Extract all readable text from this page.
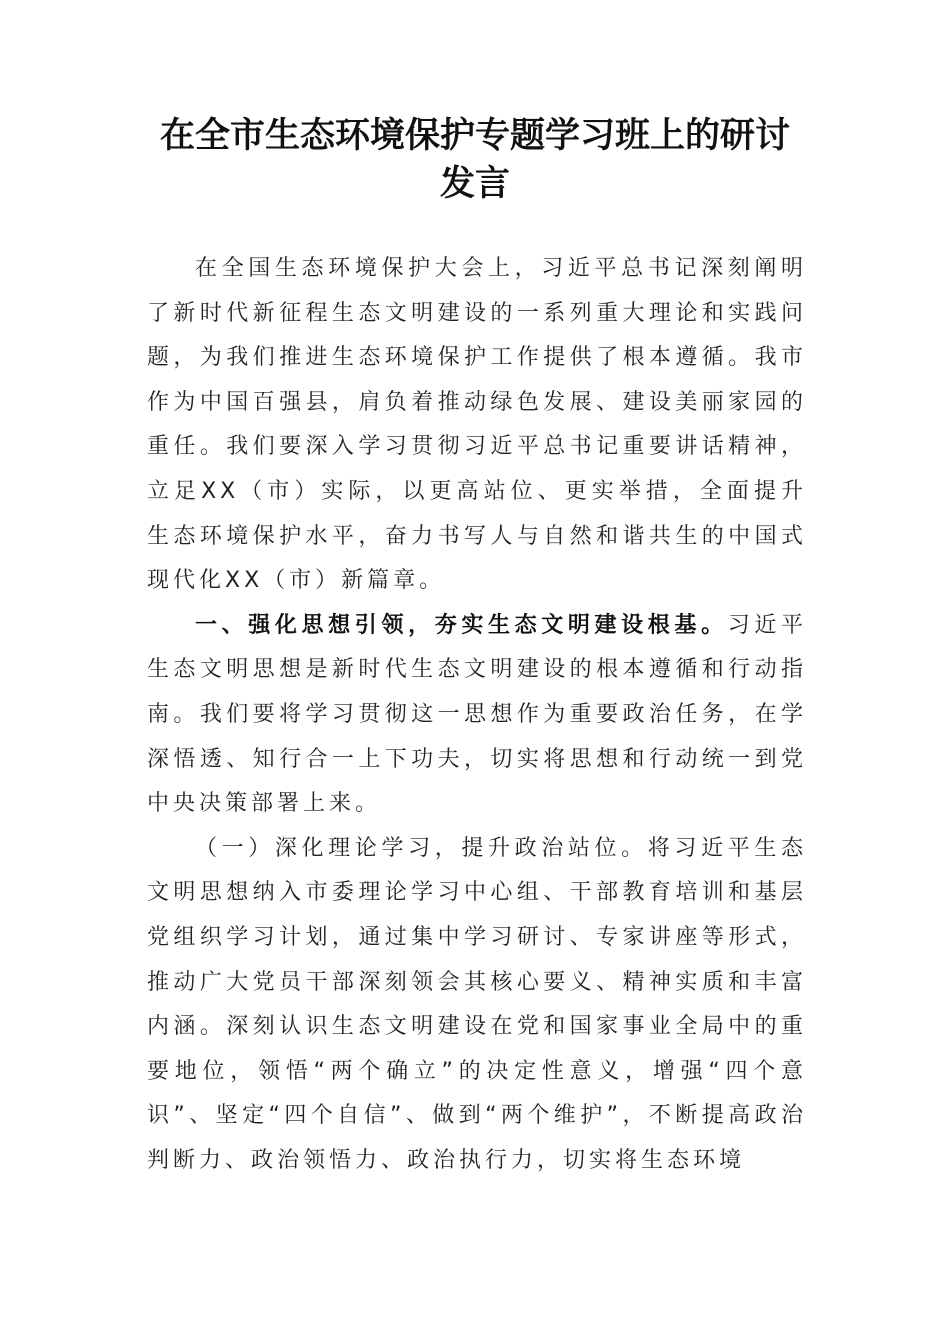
在全市生态环境保护专题学习班上的研讨
发言

在全国生态环境保护大会上，习近平总书记深刻阐明了新时代新征程生态文明建设的一系列重大理论和实践问题，为我们推进生态环境保护工作提供了根本遵循。我市作为中国百强县，肩负着推动绿色发展、建设美丽家园的重任。我们要深入学习贯彻习近平总书记重要讲话精神，立足XX（市）实际，以更高站位、更实举措，全面提升生态环境保护水平，奋力书写人与自然和谐共生的中国式现代化XX（市）新篇章。

一、强化思想引领，夯实生态文明建设根基。习近平生态文明思想是新时代生态文明建设的根本遵循和行动指南。我们要将学习贯彻这一思想作为重要政治任务，在学深悟透、知行合一上下功夫，切实将思想和行动统一到党中央决策部署上来。

（一）深化理论学习，提升政治站位。将习近平生态文明思想纳入市委理论学习中心组、干部教育培训和基层党组织学习计划，通过集中学习研讨、专家讲座等形式，推动广大党员干部深刻领会其核心要义、精神实质和丰富内涵。深刻认识生态文明建设在党和国家事业全局中的重要地位，领悟“两个确立”的决定性意义，增强“四个意识”、坚定“四个自信”、做到“两个维护”，不断提高政治判断力、政治领悟力、政治执行力，切实将生态环境
